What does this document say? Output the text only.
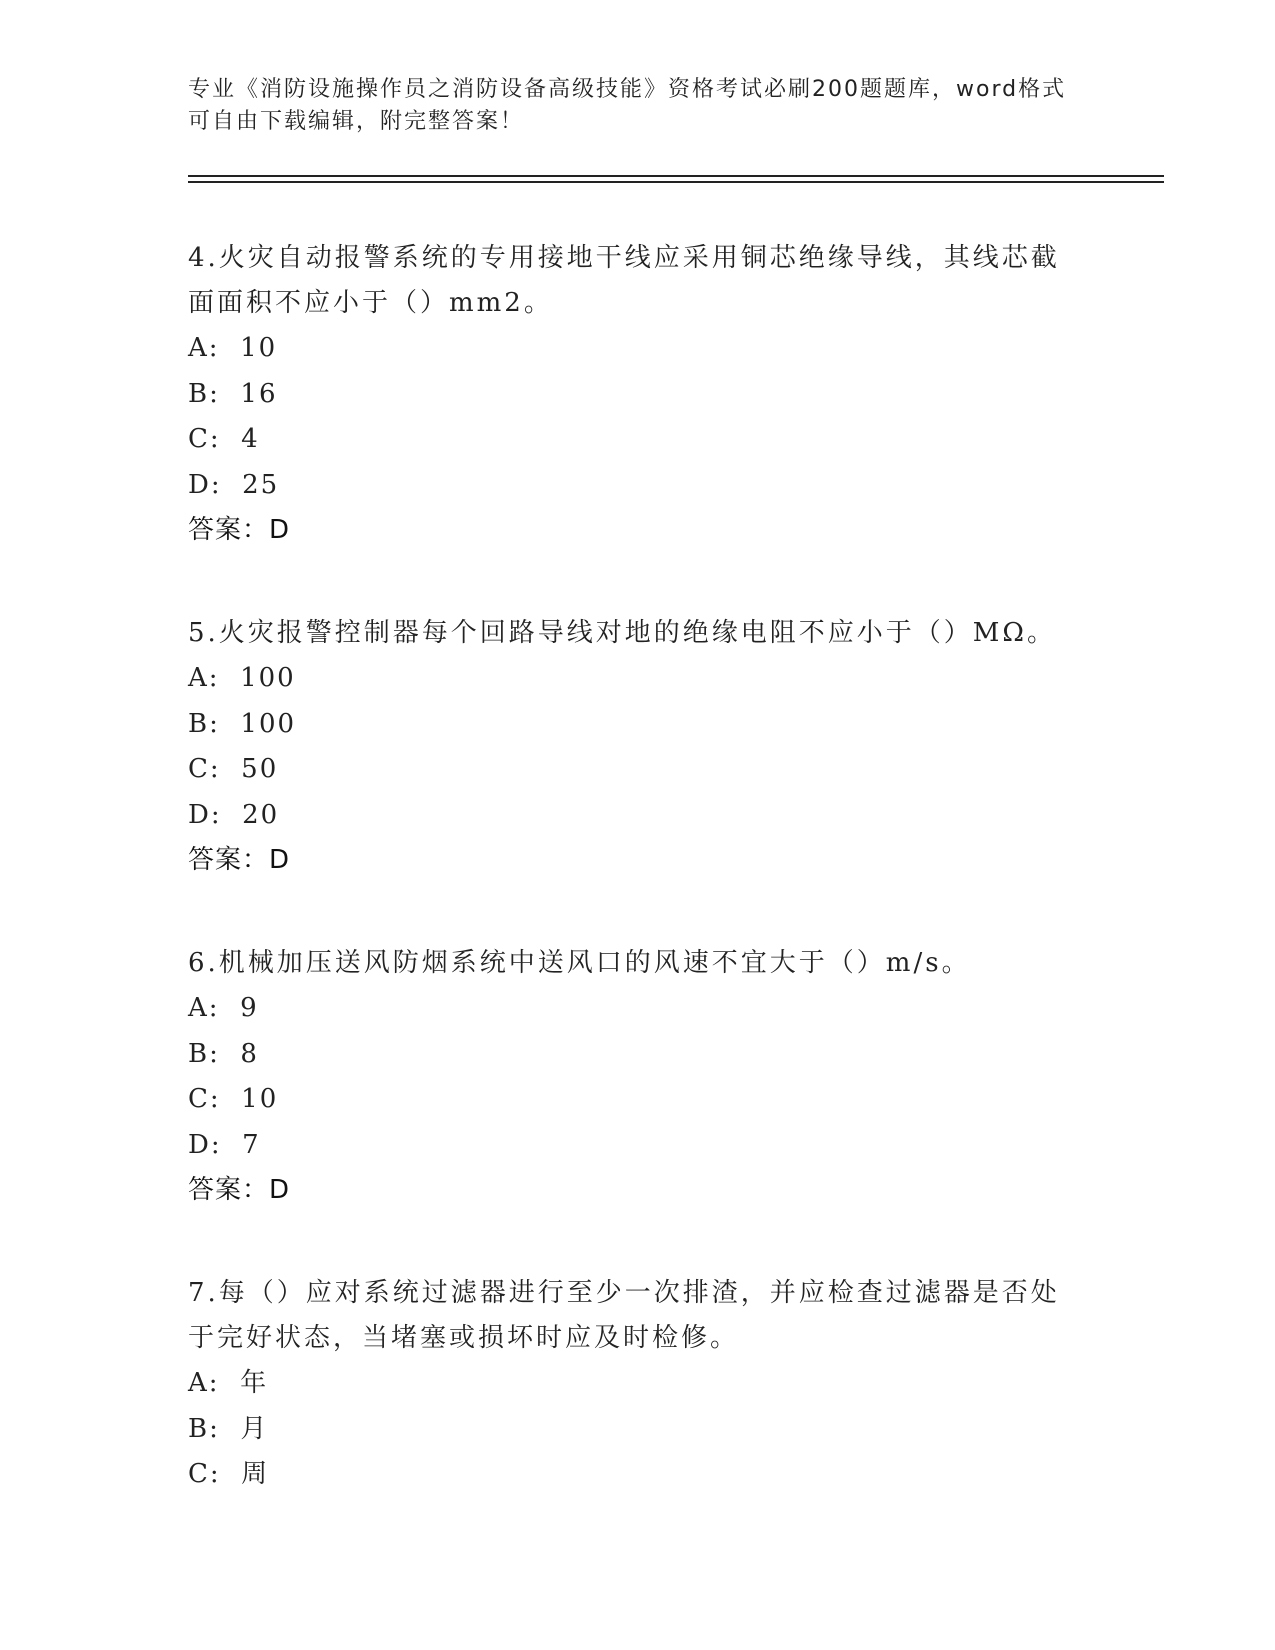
专业《消防设施操作员之消防设备高级技能》资格考试必刷200题题库，word格式可自由下载编辑，附完整答案！

4.火灾自动报警系统的专用接地干线应采用铜芯绝缘导线，其线芯截面面积不应小于（）mm2。

A:  10
B:  16
C:  4
D:  25
答案：D

5.火灾报警控制器每个回路导线对地的绝缘电阻不应小于（）MΩ。

A:  100
B:  100
C:  50
D:  20
答案：D

6.机械加压送风防烟系统中送风口的风速不宜大于（）m/s。

A:  9
B:  8
C:  10
D:  7
答案：D

7.每（）应对系统过滤器进行至少一次排渣，并应检查过滤器是否处于完好状态，当堵塞或损坏时应及时检修。

A:  年
B:  月
C:  周
